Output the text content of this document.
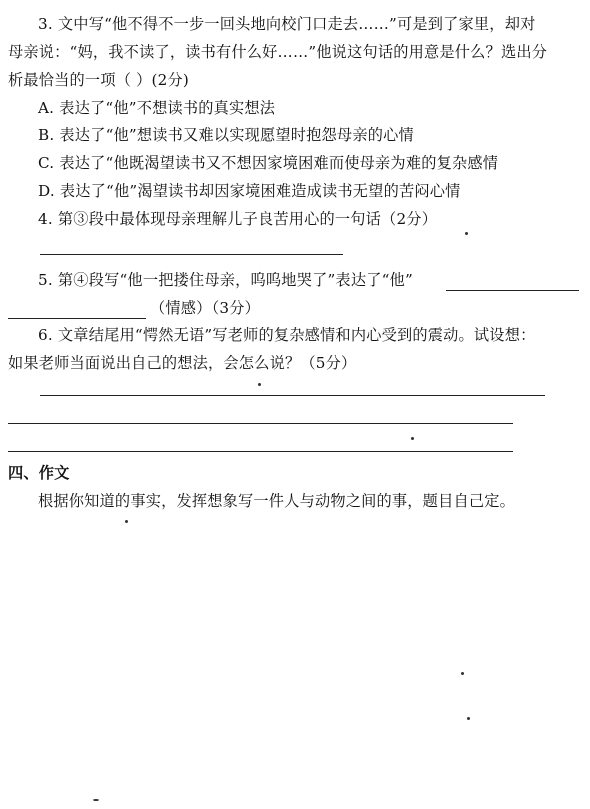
3. 文中写“他不得不一步一回头地向校门口走去……”可是到了家里，却对
母亲说：“妈，我不读了，读书有什么好……”他说这句话的用意是什么？选出分
析最恰当的一项（ ）(2分)
A. 表达了“他”不想读书的真实想法
B. 表达了“他”想读书又难以实现愿望时抱怨母亲的心情
C. 表达了“他既渴望读书又不想因家境困难而使母亲为难的复杂感情
D. 表达了“他”渴望读书却因家境困难造成读书无望的苦闷心情
4. 第③段中最体现母亲理解儿子良苦用心的一句话（2分）
5. 第④段写“他一把搂住母亲，呜呜地哭了”表达了“他”
（情感）（3分）
6. 文章结尾用“愕然无语”写老师的复杂感情和内心受到的震动。试设想：
如果老师当面说出自己的想法，会怎么说？（5分）
四、作文
根据你知道的事实，发挥想象写一件人与动物之间的事，题目自己定。
